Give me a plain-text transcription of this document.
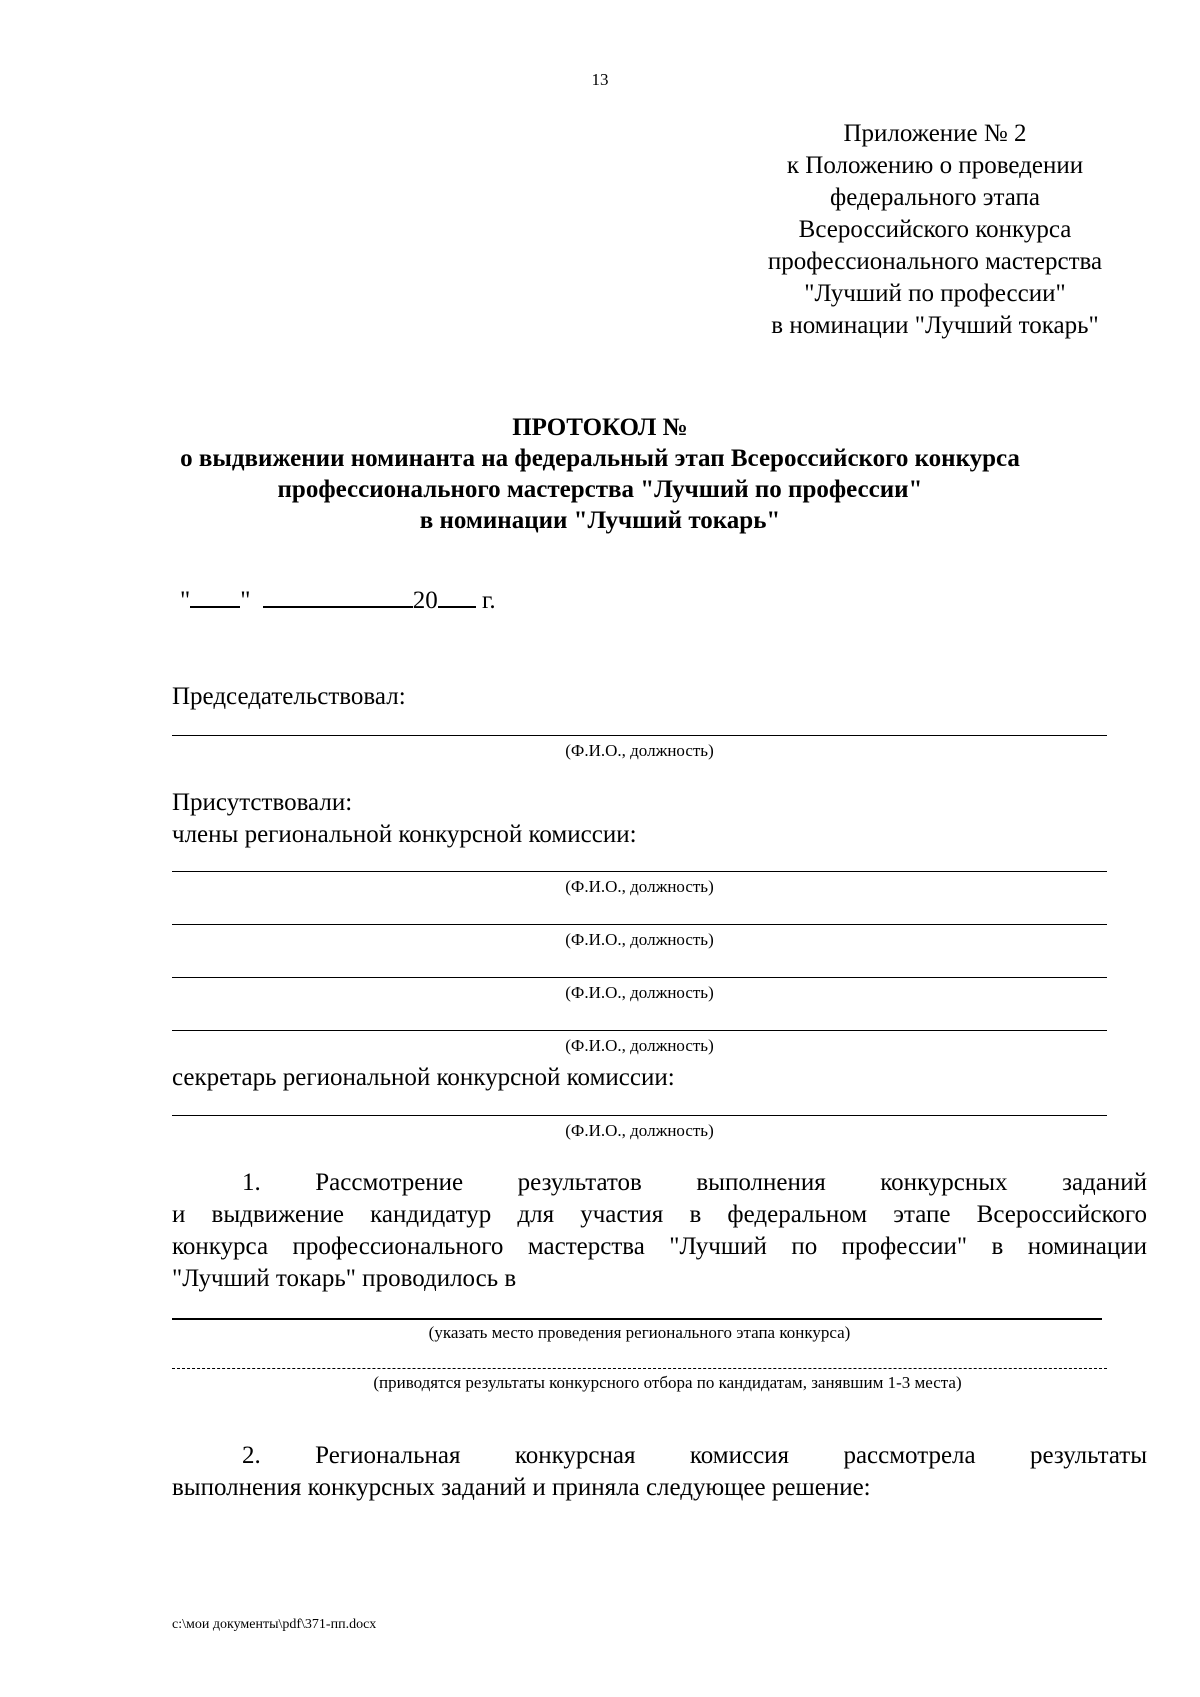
13
Приложение № 2
к Положению о проведении
федерального этапа
Всероссийского конкурса
профессионального мастерства
"Лучший по профессии"
в номинации "Лучший токарь"
ПРОТОКОЛ №
о выдвижении номинанта на федеральный этап Всероссийского конкурса
профессионального мастерства "Лучший по профессии"
в номинации "Лучший токарь"
" "	20 г.
Председательствовал:
(Ф.И.О., должность)
Присутствовали:
члены региональной конкурсной комиссии:
(Ф.И.О., должность)
(Ф.И.О., должность)
(Ф.И.О., должность)
(Ф.И.О., должность)
секретарь региональной конкурсной комиссии:
(Ф.И.О., должность)
1. Рассмотрение результатов выполнения конкурсных заданий
и выдвижение кандидатур для участия в федеральном этапе Всероссийского
конкурса профессионального мастерства "Лучший по профессии" в номинации
"Лучший токарь" проводилось в
(указать место проведения регионального этапа конкурса)
(приводятся результаты конкурсного отбора по кандидатам, занявшим 1-3 места)
2. Региональная конкурсная комиссия рассмотрела результаты
выполнения конкурсных заданий и приняла следующее решение:
c:\мои документы\pdf\371-пп.docx
